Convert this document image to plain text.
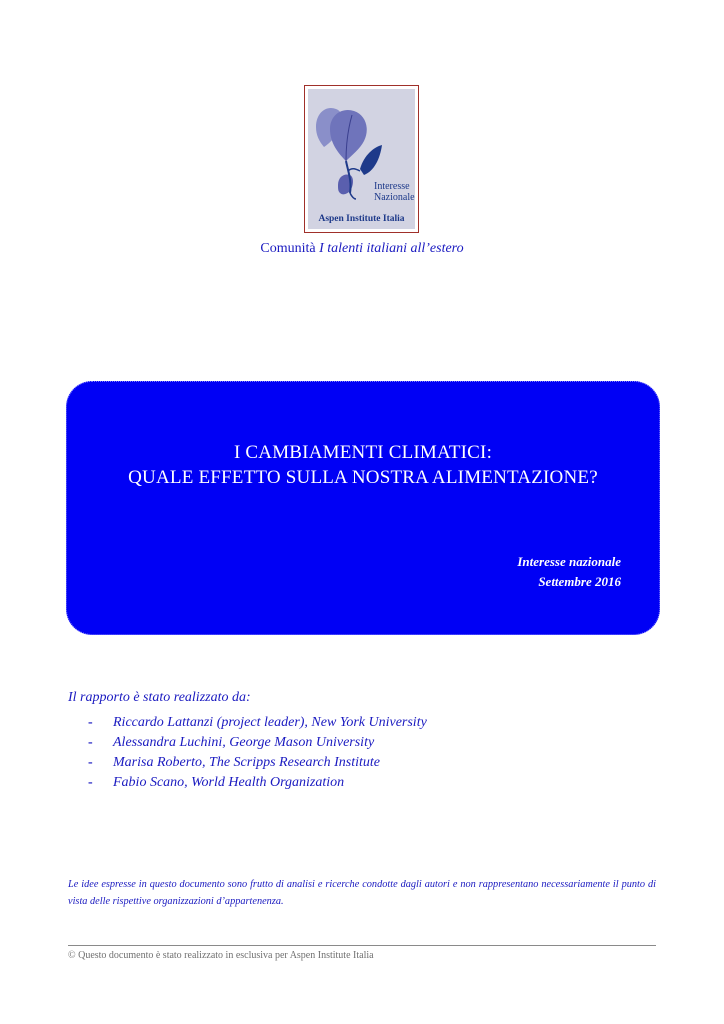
Interesse
Nazionale
Aspen Institute Italia
Comunità I talenti italiani all’estero
I CAMBIAMENTI CLIMATICI:
QUALE EFFETTO SULLA NOSTRA ALIMENTAZIONE?
Interesse nazionale
Settembre 2016
Il rapporto è stato realizzato da:
- Riccardo Lattanzi (project leader), New York University
- Alessandra Luchini, George Mason University
- Marisa Roberto, The Scripps Research Institute
- Fabio Scano, World Health Organization
Le idee espresse in questo documento sono frutto di analisi e ricerche condotte dagli autori e non rappresentano necessariamente il punto di vista delle rispettive organizzazioni d’appartenenza.
© Questo documento è stato realizzato in esclusiva per Aspen Institute Italia
